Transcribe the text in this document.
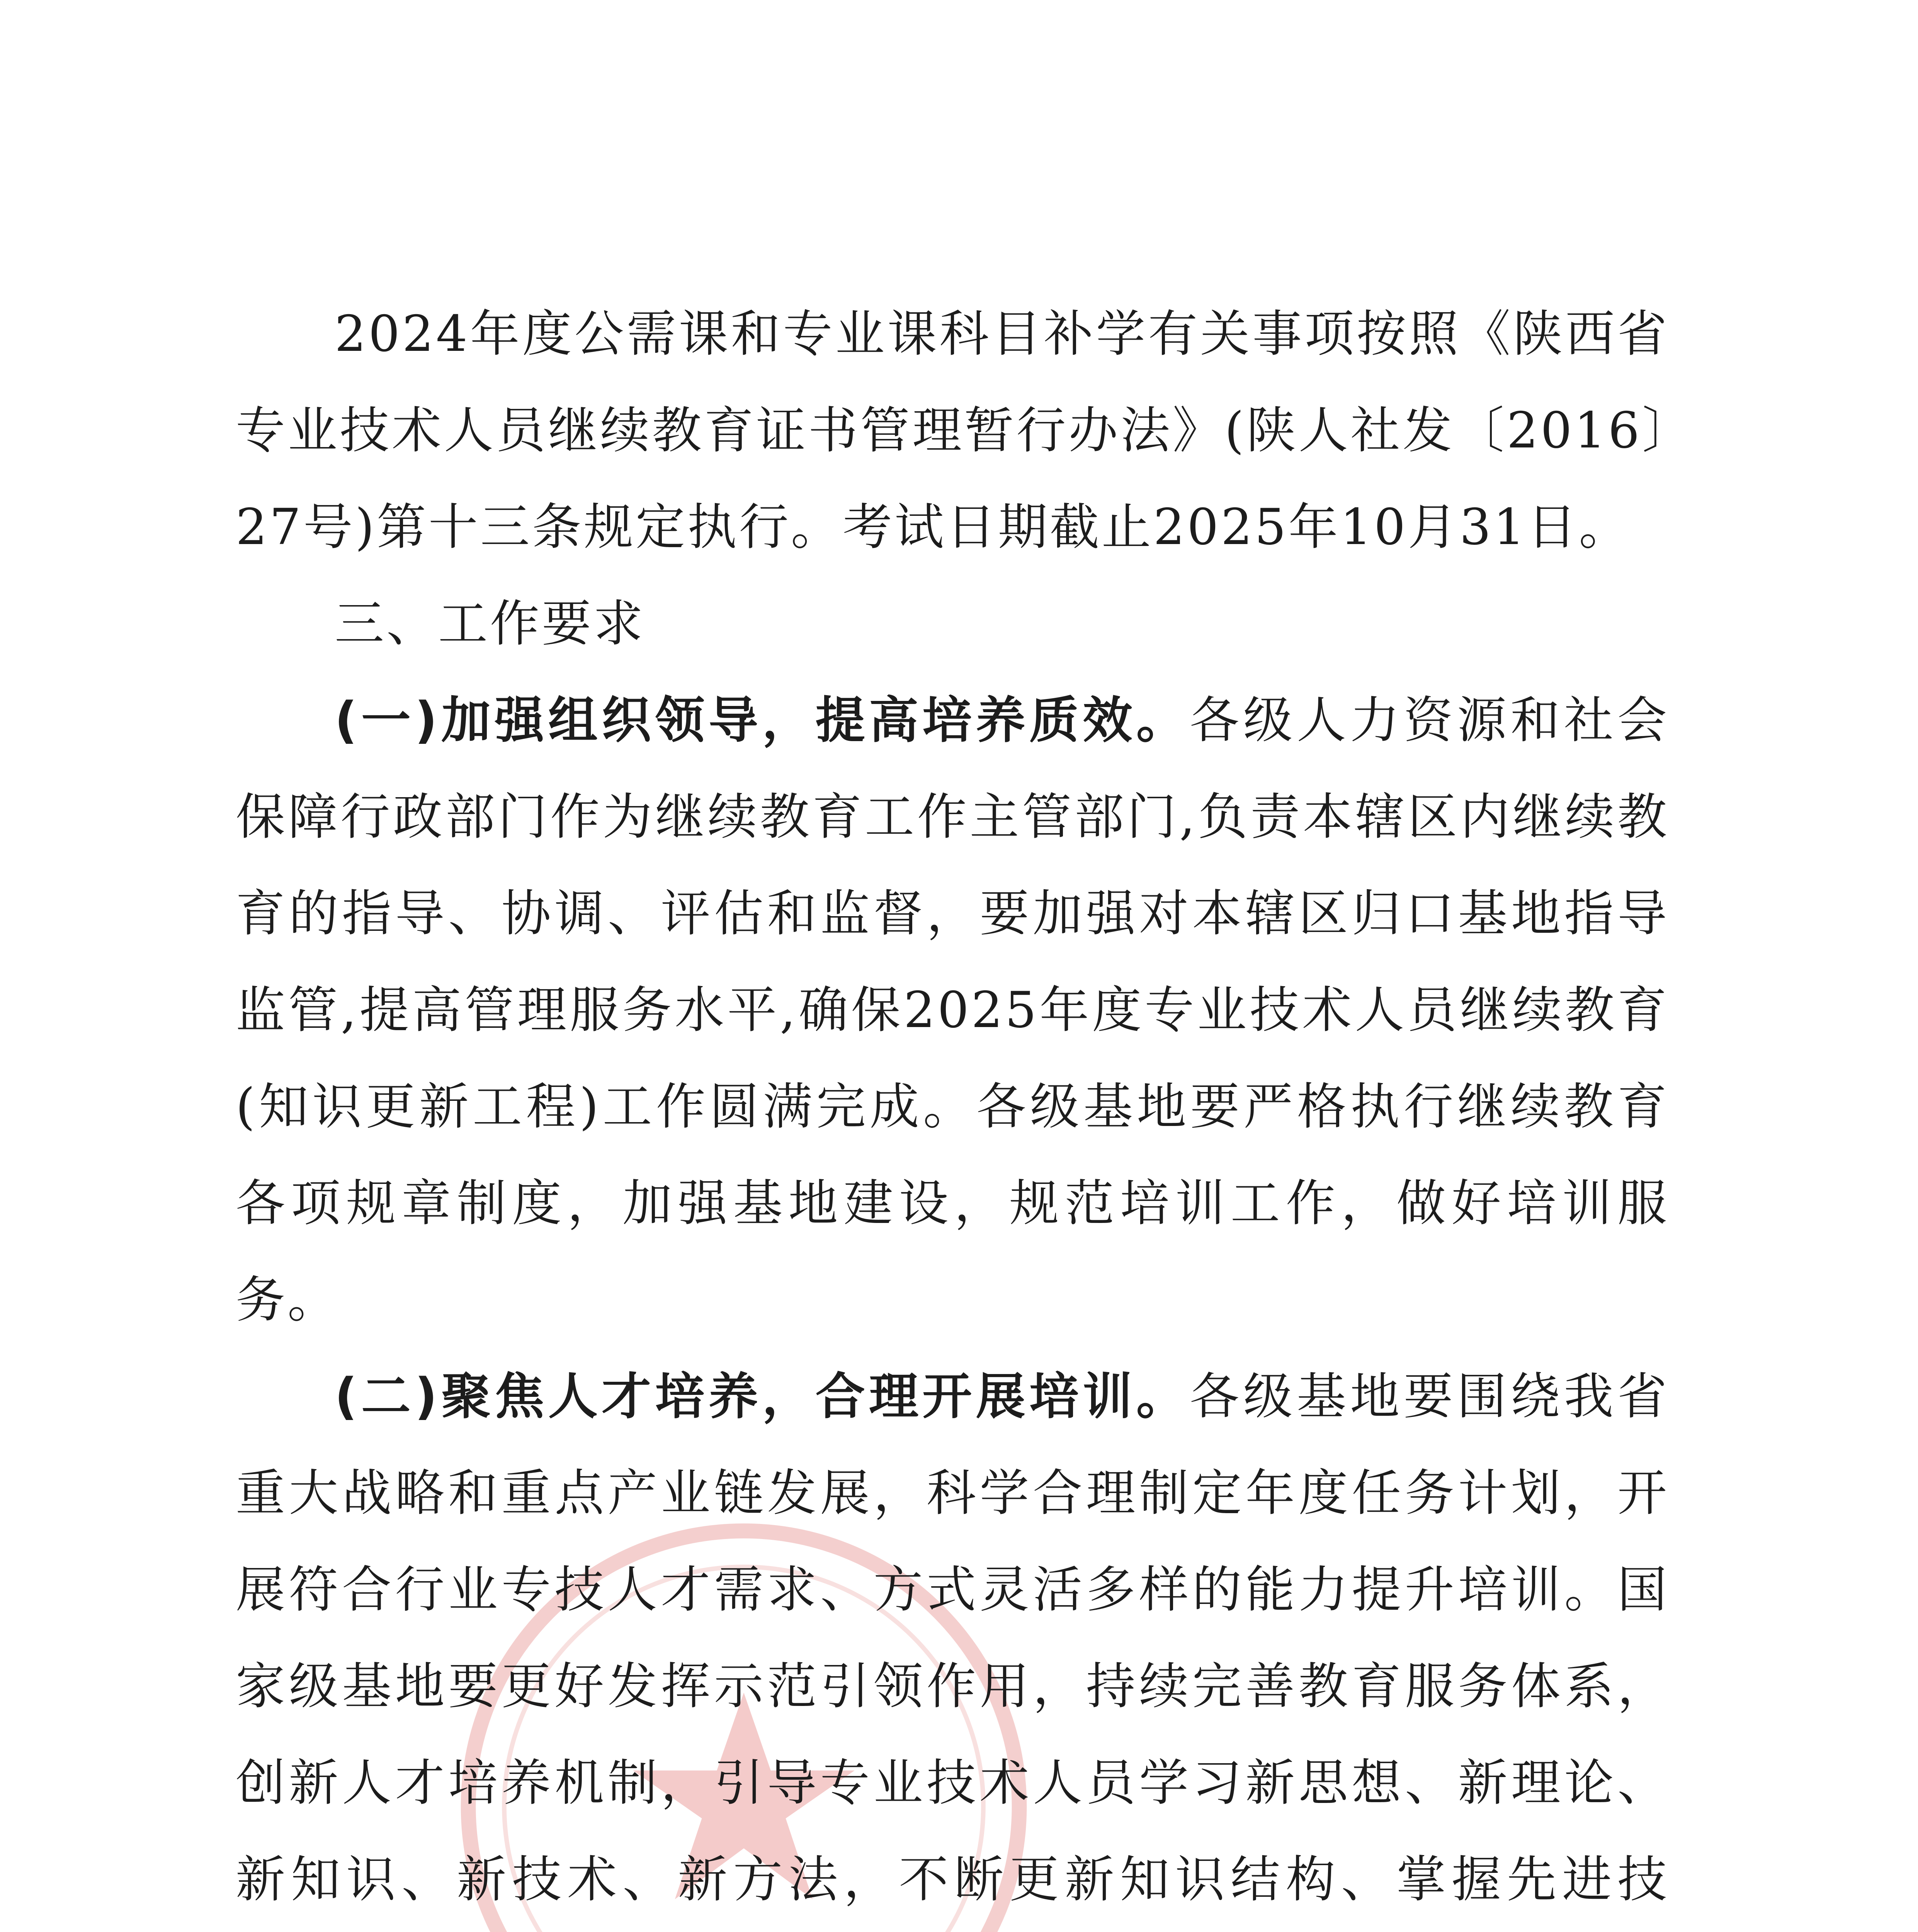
2024年度公需课和专业课科目补学有关事项按照《陕西省专业技术人员继续教育证书管理暂行办法》(陕人社发〔2016〕27号)第十三条规定执行。考试日期截止2025年10月31日。

三、工作要求

(一)加强组织领导，提高培养质效。各级人力资源和社会保障行政部门作为继续教育工作主管部门,负责本辖区内继续教育的指导、协调、评估和监督，要加强对本辖区归口基地指导监管,提高管理服务水平,确保2025年度专业技术人员继续教育(知识更新工程)工作圆满完成。各级基地要严格执行继续教育各项规章制度，加强基地建设，规范培训工作，做好培训服务。

(二)聚焦人才培养，合理开展培训。各级基地要围绕我省重大战略和重点产业链发展，科学合理制定年度任务计划，开展符合行业专技人才需求、方式灵活多样的能力提升培训。国家级基地要更好发挥示范引领作用，持续完善教育服务体系，创新人才培养机制，引导专业技术人员学习新思想、新理论、新知识、新技术、新方法，不断更新知识结构、掌握先进技
